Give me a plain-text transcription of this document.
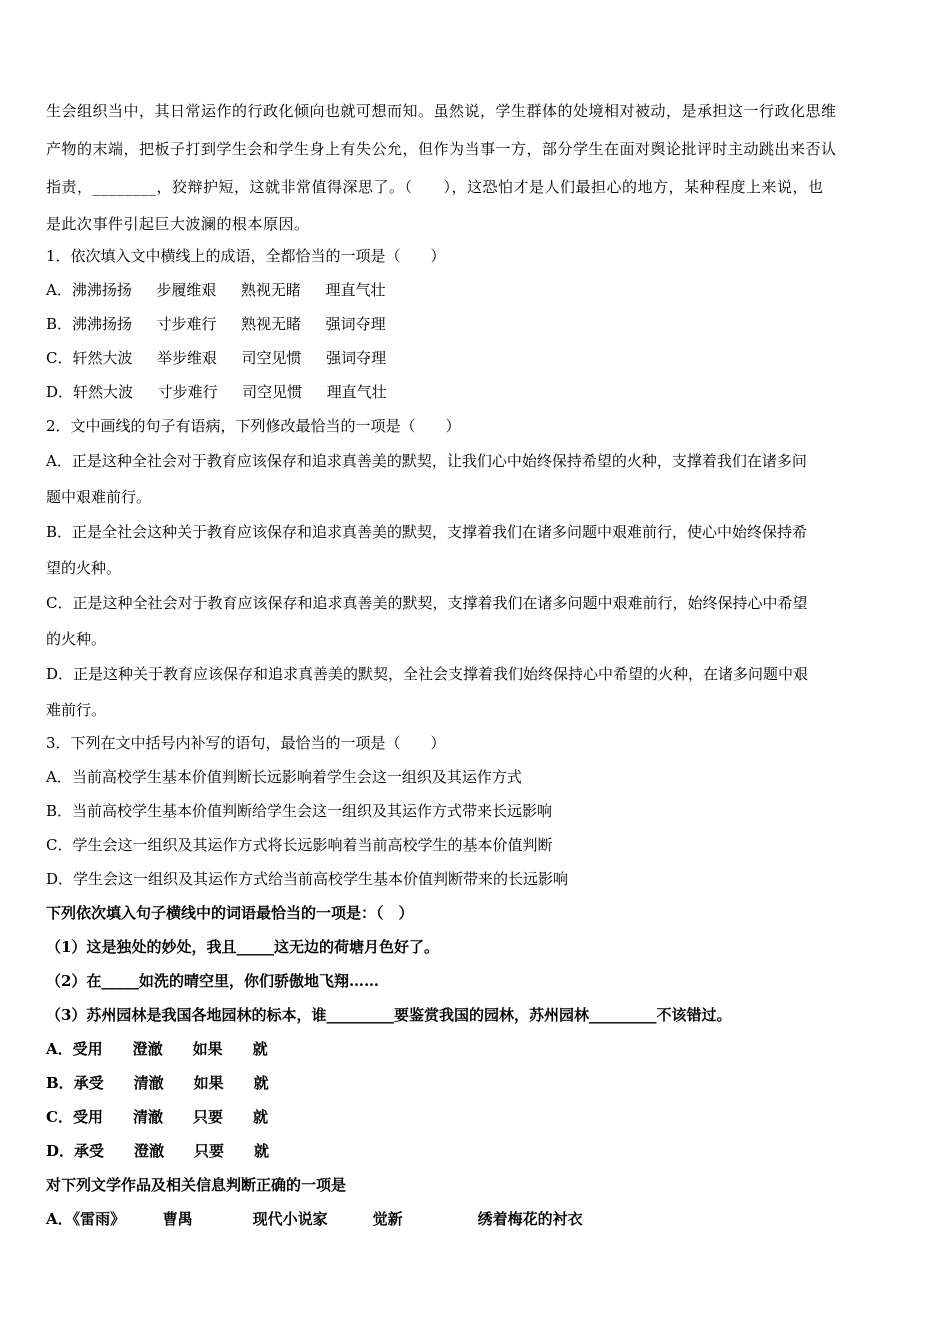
生会组织当中，其日常运作的行政化倾向也就可想而知。虽然说，学生群体的处境相对被动，是承担这一行政化思维
产物的末端，把板子打到学生会和学生身上有失公允，但作为当事一方，部分学生在面对舆论批评时主动跳出来否认
指责，________，狡辩护短，这就非常值得深思了。（　　），这恐怕才是人们最担心的地方，某种程度上来说，也
是此次事件引起巨大波澜的根本原因。
1．依次填入文中横线上的成语，全都恰当的一项是（　　）
A．沸沸扬扬　  步履维艰　  熟视无睹　  理直气壮
B．沸沸扬扬　  寸步难行　  熟视无睹　  强词夺理
C．轩然大波　  举步维艰　  司空见惯　  强词夺理
D．轩然大波　  寸步难行　  司空见惯　  理直气壮
2．文中画线的句子有语病，下列修改最恰当的一项是（　　）
A．正是这种全社会对于教育应该保存和追求真善美的默契，让我们心中始终保持希望的火种，支撑着我们在诸多问
题中艰难前行。
B．正是全社会这种关于教育应该保存和追求真善美的默契，支撑着我们在诸多问题中艰难前行，使心中始终保持希
望的火种。
C．正是这种全社会对于教育应该保存和追求真善美的默契，支撑着我们在诸多问题中艰难前行，始终保持心中希望
的火种。
D．正是这种关于教育应该保存和追求真善美的默契，全社会支撑着我们始终保持心中希望的火种，在诸多问题中艰
难前行。
3．下列在文中括号内补写的语句，最恰当的一项是（　　）
A．当前高校学生基本价值判断长远影响着学生会这一组织及其运作方式
B．当前高校学生基本价值判断给学生会这一组织及其运作方式带来长远影响
C．学生会这一组织及其运作方式将长远影响着当前高校学生的基本价值判断
D．学生会这一组织及其运作方式给当前高校学生基本价值判断带来的长远影响
下列依次填入句子横线中的词语最恰当的一项是：（　）
（1）这是独处的妙处，我且_____这无边的荷塘月色好了。
（2）在_____如洗的晴空里，你们骄傲地飞翔……
（3）苏州园林是我国各地园林的标本，谁_________要鉴赏我国的园林，苏州园林_________不该错过。
A．受用　　澄澈　　如果　　就
B．承受　　清澈　　如果　　就
C．受用　　清澈　　只要　　就
D．承受　　澄澈　　只要　　就
对下列文学作品及相关信息判断正确的一项是
A．《雷雨》　　　曹禺　　　　现代小说家　　　觉新　　　　　绣着梅花的衬衣
